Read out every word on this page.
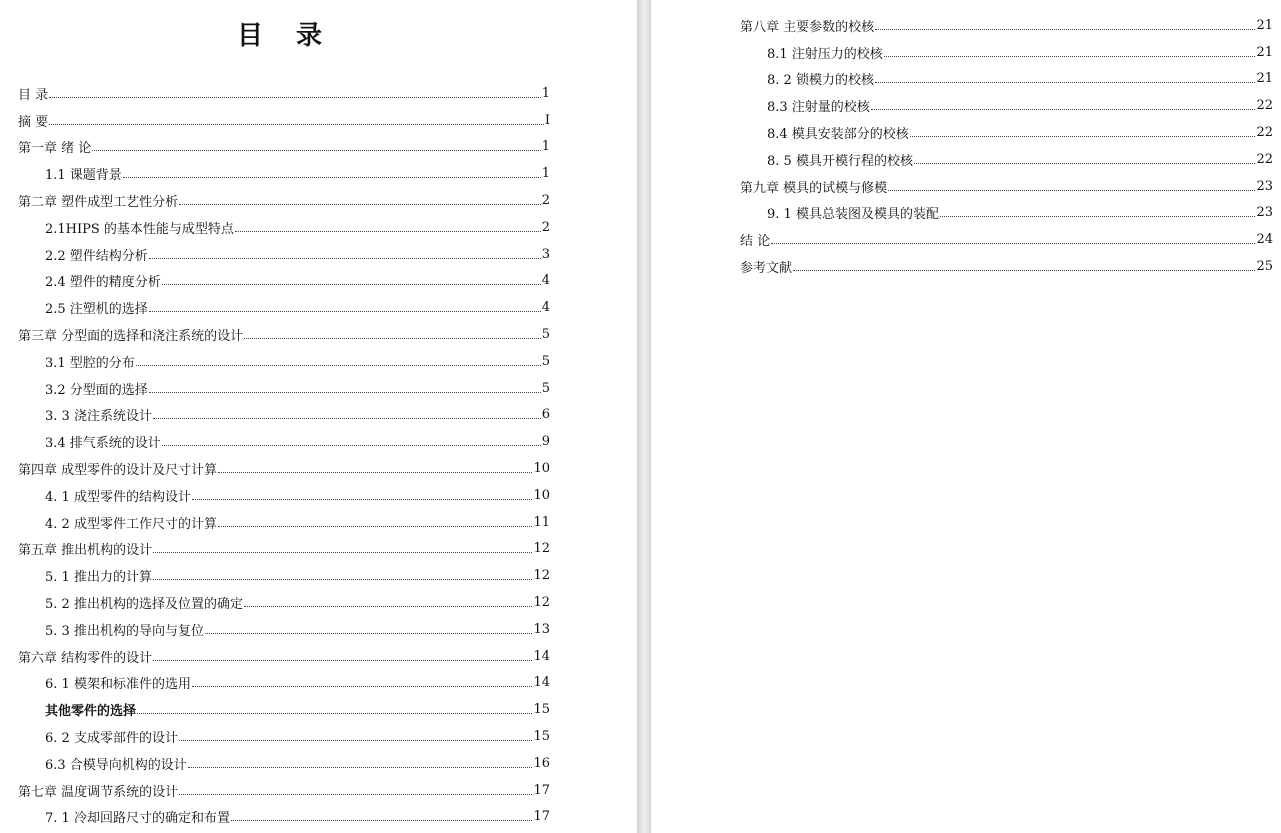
目 录
目 录	1
摘 要	I
第一章 绪 论	1
1.1 课题背景	1
第二章 塑件成型工艺性分析	2
2.1HIPS 的基本性能与成型特点	2
2.2 塑件结构分析	3
2.4 塑件的精度分析	4
2.5 注塑机的选择	4
第三章 分型面的选择和浇注系统的设计	5
3.1 型腔的分布	5
3.2 分型面的选择	5
3. 3 浇注系统设计	6
3.4 排气系统的设计	9
第四章 成型零件的设计及尺寸计算	10
4. 1 成型零件的结构设计	10
4. 2 成型零件工作尺寸的计算	11
第五章 推出机构的设计	12
5. 1 推出力的计算	12
5. 2 推出机构的选择及位置的确定	12
5. 3 推出机构的导向与复位	13
第六章 结构零件的设计	14
6. 1 模架和标准件的选用	14
其他零件的选择	15
6. 2 支成零部件的设计	15
6.3 合模导向机构的设计	16
第七章 温度调节系统的设计	17
7. 1 冷却回路尺寸的确定和布置	17
第八章 主要参数的校核	21
8.1 注射压力的校核	21
8. 2 锁模力的校核	21
8.3 注射量的校核	22
8.4 模具安装部分的校核	22
8. 5 模具开模行程的校核	22
第九章 模具的试模与修模	23
9. 1 模具总装图及模具的装配	23
结 论	24
参考文献	25
